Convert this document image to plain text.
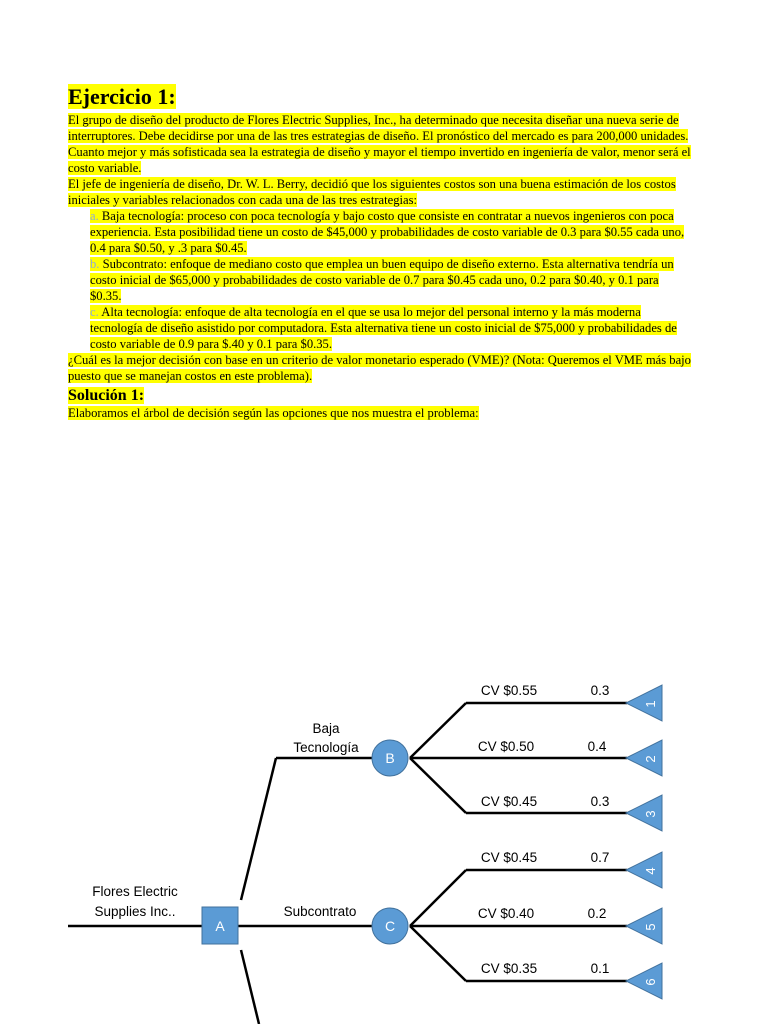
Ejercicio 1:

El grupo de diseño del producto de Flores Electric Supplies, Inc., ha determinado que necesita diseñar una nueva serie de interruptores. Debe decidirse por una de las tres estrategias de diseño. El pronóstico del mercado es para 200,000 unidades. Cuanto mejor y más sofisticada sea la estrategia de diseño y mayor el tiempo invertido en ingeniería de valor, menor será el costo variable.

El jefe de ingeniería de diseño, Dr. W. L. Berry, decidió que los siguientes costos son una buena estimación de los costos iniciales y variables relacionados con cada una de las tres estrategias:

a. Baja tecnología: proceso con poca tecnología y bajo costo que consiste en contratar a nuevos ingenieros con poca experiencia. Esta posibilidad tiene un costo de $45,000 y probabilidades de costo variable de 0.3 para $0.55 cada uno, 0.4 para $0.50, y .3 para $0.45.
b. Subcontrato: enfoque de mediano costo que emplea un buen equipo de diseño externo. Esta alternativa tendría un costo inicial de $65,000 y probabilidades de costo variable de 0.7 para $0.45 cada uno, 0.2 para $0.40, y 0.1 para $0.35.
c. Alta tecnología: enfoque de alta tecnología en el que se usa lo mejor del personal interno y la más moderna tecnología de diseño asistido por computadora. Esta alternativa tiene un costo inicial de $75,000 y probabilidades de costo variable de 0.9 para $.40 y 0.1 para $0.35.

¿Cuál es la mejor decisión con base en un criterio de valor monetario esperado (VME)? (Nota: Queremos el VME más bajo puesto que se manejan costos en este problema).

Solución 1:

Elaboramos el árbol de decisión según las opciones que nos muestra el problema:

Flores Electric
Supplies Inc..
A
Baja
Tecnología
Subcontrato
B
C
CV $0.55	0.3
1
CV $0.50	0.4
2
CV $0.45	0.3
3
CV $0.45	0.7
4
CV $0.40	0.2
5
CV $0.35	0.1
6
